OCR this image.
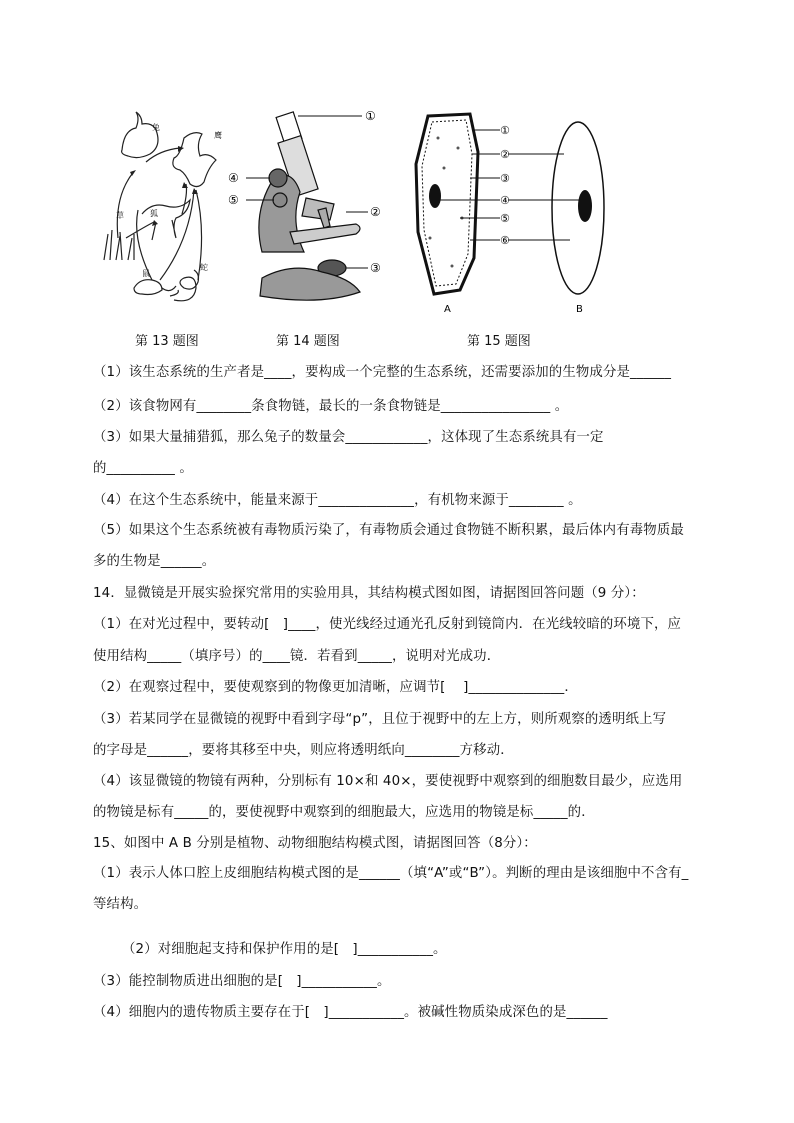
①
②
③
④
⑤
①
②
③
④
⑤
⑥
A	B
兔
鹰
狐
草
鼠
蛇
第 13 题图	第 14 题图	第 15 题图
（1）该生态系统的生产者是____，要构成一个完整的生态系统，还需要添加的生物成分是______
（2）该食物网有________条食物链，最长的一条食物链是________________ 。
（3）如果大量捕猎狐，那么兔子的数量会____________，这体现了生态系统具有一定
的__________ 。
（4）在这个生态系统中，能量来源于______________，有机物来源于________ 。
（5）如果这个生态系统被有毒物质污染了，有毒物质会通过食物链不断积累，最后体内有毒物质最
多的生物是______。
14．显微镜是开展实验探究常用的实验用具，其结构模式图如图，请据图回答问题（9 分）：
（1）在对光过程中，要转动[   ]____，使光线经过通光孔反射到镜筒内．在光线较暗的环境下，应
使用结构_____（填序号）的____镜．若看到_____，说明对光成功．
（2）在观察过程中，要使观察到的物像更加清晰，应调节[    ]______________．
（3）若某同学在显微镜的视野中看到字母“p”，且位于视野中的左上方，则所观察的透明纸上写
的字母是______，要将其移至中央，则应将透明纸向________方移动．
（4）该显微镜的物镜有两种，分别标有 10×和 40×，要使视野中观察到的细胞数目最少，应选用
的物镜是标有_____的，要使视野中观察到的细胞最大，应选用的物镜是标_____的．
15、如图中 A B 分别是植物、动物细胞结构模式图，请据图回答（8分）：
（1）表示人体口腔上皮细胞结构模式图的是______（填“A”或“B”）。判断的理由是该细胞中不含有_
等结构。
（2）对细胞起支持和保护作用的是[   ]___________。
（3）能控制物质进出细胞的是[   ]___________。
（4）细胞内的遗传物质主要存在于[   ]___________。被碱性物质染成深色的是______
